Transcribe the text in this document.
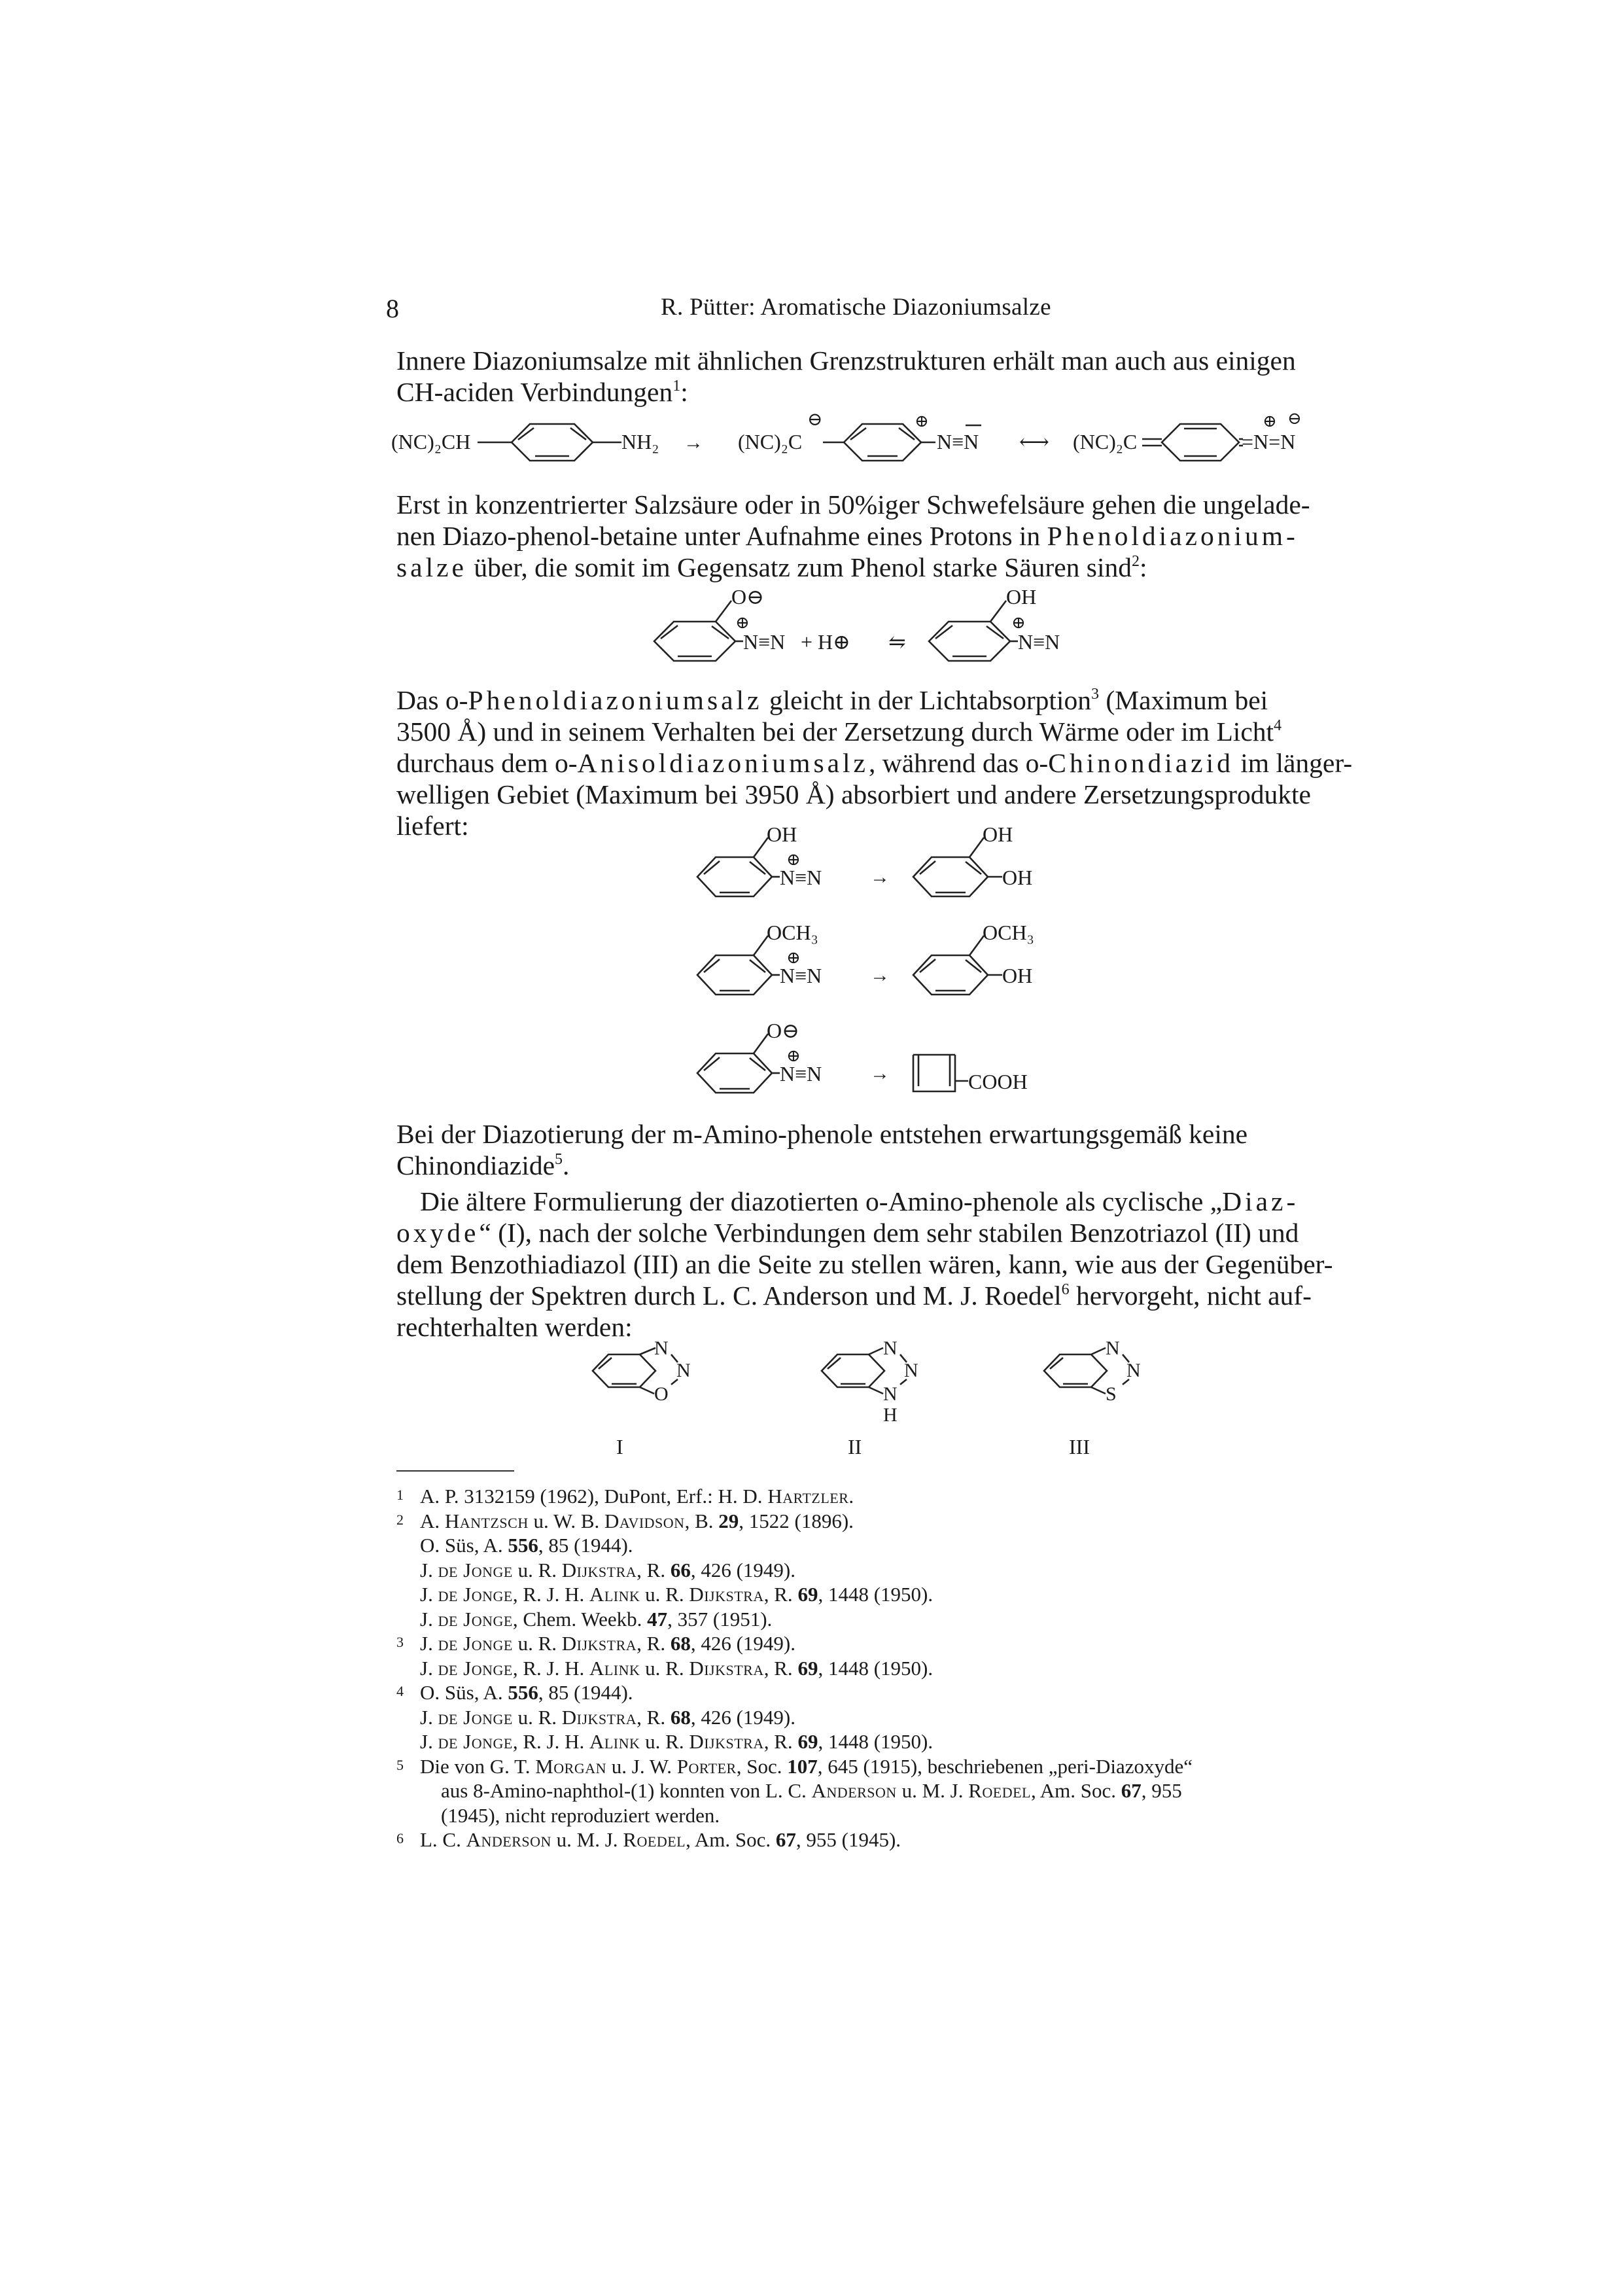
8	R. Pütter: Aromatische Diazoniumsalze
Innere Diazoniumsalze mit ähnlichen Grenzstrukturen erhält man auch aus einigen
CH-aciden Verbindungen$^1$:
(NC)₂CH	NH₂ → (NC)₂C
⊖	⊕
N≡N ⟷ (NC)₂C	=N=N
⊕ ⊖
O⊖
⊕
N≡N + H⊕ ⇋
OH
⊕
N≡N
OH
⊕
N≡N →
OH
OH
OCH₃
⊕
N≡N →
OCH₃
OH
O⊖
⊕
N≡N →	COOH
N
N
O
I
N
N
N
H
II
N
N
S
III
Erst in konzentrierter Salzsäure oder in 50%iger Schwefelsäure gehen die ungelade-
nen Diazo-phenol-betaine unter Aufnahme eines Protons in Phenoldiazonium-
salze über, die somit im Gegensatz zum Phenol starke Säuren sind$^2$:
Das o-Phenoldiazoniumsalz gleicht in der Lichtabsorption$^3$ (Maximum bei
3500 Å) und in seinem Verhalten bei der Zersetzung durch Wärme oder im Licht$^4$
durchaus dem o-Anisoldiazoniumsalz, während das o-Chinondiazid im länger-
welligen Gebiet (Maximum bei 3950 Å) absorbiert und andere Zersetzungsprodukte
liefert:
Bei der Diazotierung der m-Amino-phenole entstehen erwartungsgemäß keine
Chinondiazide$^5$.
Die ältere Formulierung der diazotierten o-Amino-phenole als cyclische „Diaz-
oxyde“ (I), nach der solche Verbindungen dem sehr stabilen Benzotriazol (II) und
dem Benzothiadiazol (III) an die Seite zu stellen wären, kann, wie aus der Gegenüber-
stellung der Spektren durch L. C. Anderson und M. J. Roedel$^6$ hervorgeht, nicht auf-
rechterhalten werden:
1 A. P. 3132159 (1962), DuPont, Erf.: H. D. Hartzler.
2 A. Hantzsch u. W. B. Davidson, B. 29, 1522 (1896).
O. Süs, A. 556, 85 (1944).
J. de Jonge u. R. Dijkstra, R. 66, 426 (1949).
J. de Jonge, R. J. H. Alink u. R. Dijkstra, R. 69, 1448 (1950).
J. de Jonge, Chem. Weekb. 47, 357 (1951).
3 J. de Jonge u. R. Dijkstra, R. 68, 426 (1949).
J. de Jonge, R. J. H. Alink u. R. Dijkstra, R. 69, 1448 (1950).
4 O. Süs, A. 556, 85 (1944).
J. de Jonge u. R. Dijkstra, R. 68, 426 (1949).
J. de Jonge, R. J. H. Alink u. R. Dijkstra, R. 69, 1448 (1950).
5 Die von G. T. Morgan u. J. W. Porter, Soc. 107, 645 (1915), beschriebenen „peri-Diazoxyde“
aus 8-Amino-naphthol-(1) konnten von L. C. Anderson u. M. J. Roedel, Am. Soc. 67, 955
(1945), nicht reproduziert werden.
6 L. C. Anderson u. M. J. Roedel, Am. Soc. 67, 955 (1945).
